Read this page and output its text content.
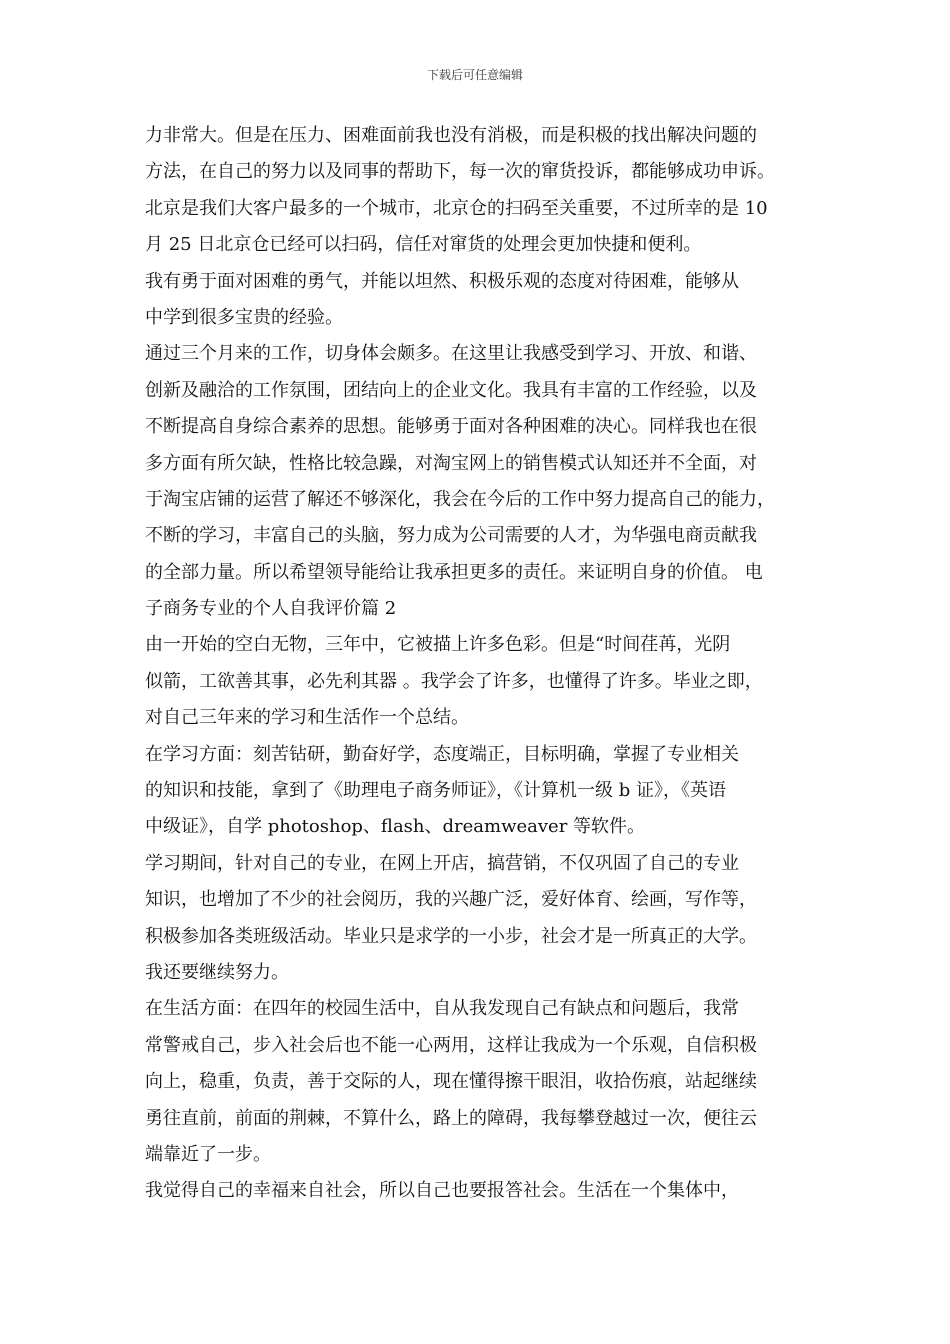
下载后可任意编辑
力非常大。但是在压力、困难面前我也没有消极，而是积极的找出解决问题的
方法，在自己的努力以及同事的帮助下，每一次的窜货投诉，都能够成功申诉。
北京是我们大客户最多的一个城市，北京仓的扫码至关重要，不过所幸的是 10
月 25 日北京仓已经可以扫码，信任对窜货的处理会更加快捷和便利。
我有勇于面对困难的勇气，并能以坦然、积极乐观的态度对待困难，能够从
中学到很多宝贵的经验。
通过三个月来的工作，切身体会颇多。在这里让我感受到学习、开放、和谐、
创新及融洽的工作氛围，团结向上的企业文化。我具有丰富的工作经验，以及
不断提高自身综合素养的思想。能够勇于面对各种困难的决心。同样我也在很
多方面有所欠缺，性格比较急躁，对淘宝网上的销售模式认知还并不全面，对
于淘宝店铺的运营了解还不够深化，我会在今后的工作中努力提高自己的能力，
不断的学习，丰富自己的头脑，努力成为公司需要的人才，为华强电商贡献我
的全部力量。所以希望领导能给让我承担更多的责任。来证明自身的价值。 电
子商务专业的个人自我评价篇 2
由一开始的空白无物，三年中，它被描上许多色彩。但是“时间荏苒，光阴
似箭，工欲善其事，必先利其器 。我学会了许多，也懂得了许多。毕业之即，
对自己三年来的学习和生活作一个总结。
在学习方面：刻苦钻研，勤奋好学，态度端正，目标明确，掌握了专业相关
的知识和技能，拿到了《助理电子商务师证》，《计算机一级 b 证》，《英语
中级证》，自学 photoshop、flash、dreamweaver 等软件。
学习期间，针对自己的专业，在网上开店，搞营销，不仅巩固了自己的专业
知识，也增加了不少的社会阅历，我的兴趣广泛，爱好体育、绘画，写作等，
积极参加各类班级活动。毕业只是求学的一小步，社会才是一所真正的大学。
我还要继续努力。
在生活方面：在四年的校园生活中，自从我发现自己有缺点和问题后，我常
常警戒自己，步入社会后也不能一心两用，这样让我成为一个乐观，自信积极
向上，稳重，负责，善于交际的人，现在懂得擦干眼泪，收拾伤痕，站起继续
勇往直前，前面的荆棘，不算什么，路上的障碍，我每攀登越过一次，便往云
端靠近了一步。
我觉得自己的幸福来自社会，所以自己也要报答社会。生活在一个集体中，
